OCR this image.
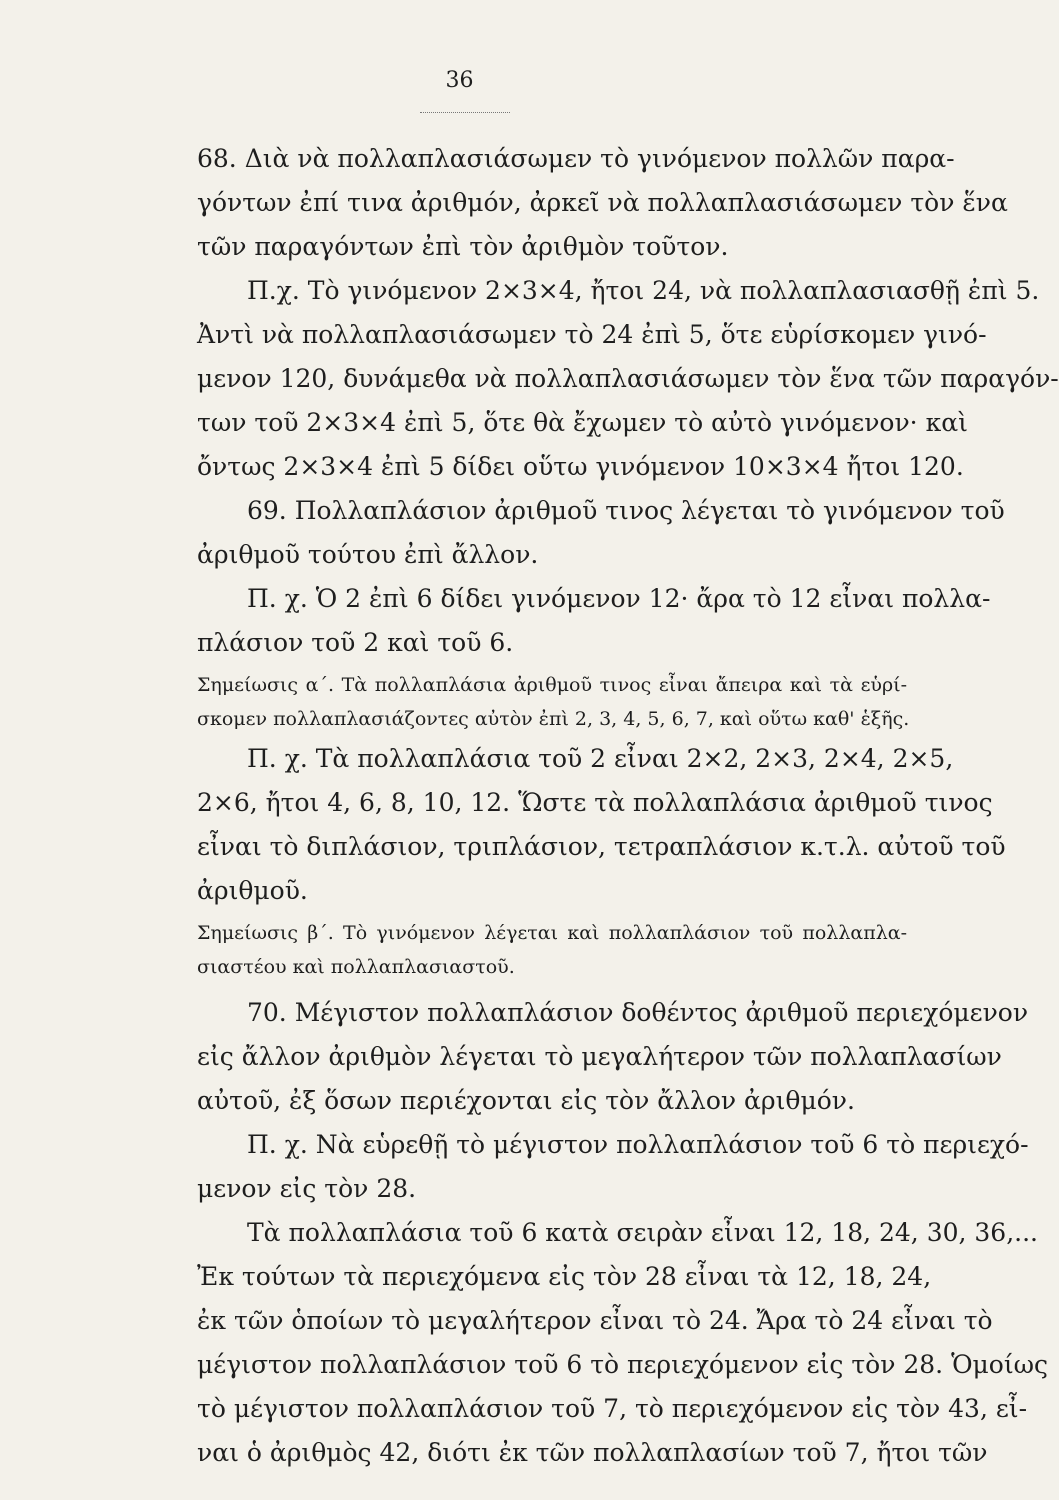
36
68. Διὰ νὰ πολλαπλασιάσωμεν τὸ γινόμενον πολλῶν παρα-
γόντων ἐπί τινα ἀριθμόν, ἀρκεῖ νὰ πολλαπλασιάσωμεν τὸν ἕνα
τῶν παραγόντων ἐπὶ τὸν ἀριθμὸν τοῦτον.
Π.χ. Τὸ γινόμενον 2×3×4, ἤτοι 24, νὰ πολλαπλασιασθῇ ἐπὶ 5.
Ἀντὶ νὰ πολλαπλασιάσωμεν τὸ 24 ἐπὶ 5, ὅτε εὑρίσκομεν γινό-
μενον 120, δυνάμεθα νὰ πολλαπλασιάσωμεν τὸν ἕνα τῶν παραγόν-
των τοῦ 2×3×4 ἐπὶ 5, ὅτε θὰ ἔχωμεν τὸ αὐτὸ γινόμενον· καὶ
ὄντως 2×3×4 ἐπὶ 5 δίδει οὕτω γινόμενον 10×3×4 ἤτοι 120.
69. Πολλαπλάσιον ἀριθμοῦ τινος λέγεται τὸ γινόμενον τοῦ
ἀριθμοῦ τούτου ἐπὶ ἄλλον.
Π. χ. Ὁ 2 ἐπὶ 6 δίδει γινόμενον 12· ἄρα τὸ 12 εἶναι πολλα-
πλάσιον τοῦ 2 καὶ τοῦ 6.
Σημείωσις α΄. Τὰ πολλαπλάσια ἀριθμοῦ τινος εἶναι ἄπειρα καὶ τὰ εὑρί-
σκομεν πολλαπλασιάζοντες αὐτὸν ἐπὶ 2, 3, 4, 5, 6, 7, καὶ οὕτω καθ' ἑξῆς.
Π. χ. Τὰ πολλαπλάσια τοῦ 2 εἶναι 2×2, 2×3, 2×4, 2×5,
2×6, ἤτοι 4, 6, 8, 10, 12. Ὥστε τὰ πολλαπλάσια ἀριθμοῦ τινος
εἶναι τὸ διπλάσιον, τριπλάσιον, τετραπλάσιον κ.τ.λ. αὐτοῦ τοῦ
ἀριθμοῦ.
Σημείωσις β΄. Τὸ γινόμενον λέγεται καὶ πολλαπλάσιον τοῦ πολλαπλα-
σιαστέου καὶ πολλαπλασιαστοῦ.
70. Μέγιστον πολλαπλάσιον δοθέντος ἀριθμοῦ περιεχόμενον
εἰς ἄλλον ἀριθμὸν λέγεται τὸ μεγαλήτερον τῶν πολλαπλασίων
αὐτοῦ, ἐξ ὅσων περιέχονται εἰς τὸν ἄλλον ἀριθμόν.
Π. χ. Νὰ εὑρεθῇ τὸ μέγιστον πολλαπλάσιον τοῦ 6 τὸ περιεχό-
μενον εἰς τὸν 28.
Τὰ πολλαπλάσια τοῦ 6 κατὰ σειρὰν εἶναι 12, 18, 24, 30, 36,...
Ἐκ τούτων τὰ περιεχόμενα εἰς τὸν 28 εἶναι τὰ 12, 18, 24,
ἐκ τῶν ὁποίων τὸ μεγαλήτερον εἶναι τὸ 24. Ἄρα τὸ 24 εἶναι τὸ
μέγιστον πολλαπλάσιον τοῦ 6 τὸ περιεχόμενον εἰς τὸν 28. Ὁμοίως
τὸ μέγιστον πολλαπλάσιον τοῦ 7, τὸ περιεχόμενον εἰς τὸν 43, εἶ-
ναι ὁ ἀριθμὸς 42, διότι ἐκ τῶν πολλαπλασίων τοῦ 7, ἤτοι τῶν
